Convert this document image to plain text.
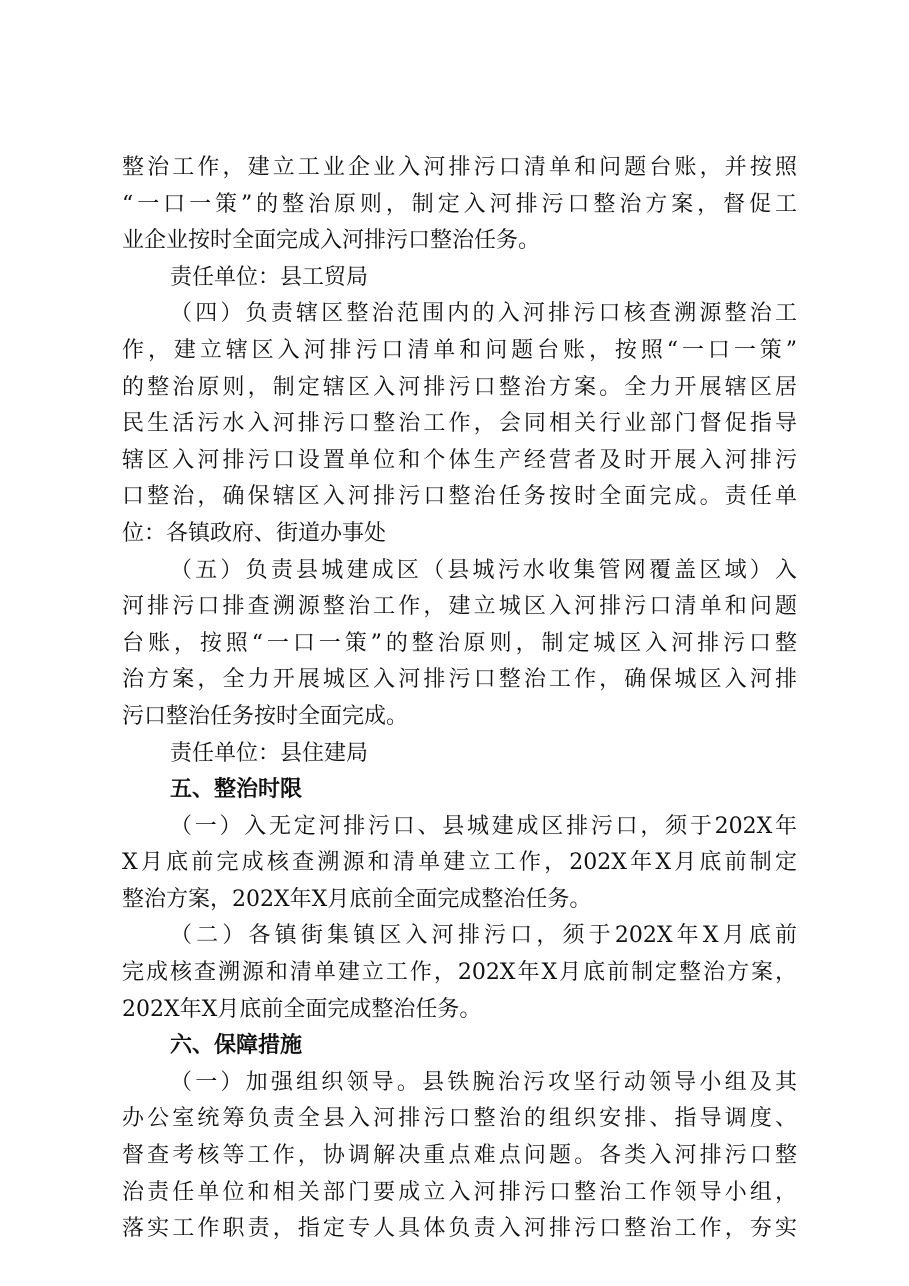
整治工作，建立工业企业入河排污口清单和问题台账，并按照
“一口一策”的整治原则，制定入河排污口整治方案，督促工
业企业按时全面完成入河排污口整治任务。
责任单位：县工贸局
（四）负责辖区整治范围内的入河排污口核查溯源整治工
作，建立辖区入河排污口清单和问题台账，按照“一口一策”
的整治原则，制定辖区入河排污口整治方案。全力开展辖区居
民生活污水入河排污口整治工作，会同相关行业部门督促指导
辖区入河排污口设置单位和个体生产经营者及时开展入河排污
口整治，确保辖区入河排污口整治任务按时全面完成。责任单
位：各镇政府、街道办事处
（五）负责县城建成区（县城污水收集管网覆盖区域）入
河排污口排查溯源整治工作，建立城区入河排污口清单和问题
台账，按照“一口一策”的整治原则，制定城区入河排污口整
治方案，全力开展城区入河排污口整治工作，确保城区入河排
污口整治任务按时全面完成。
责任单位：县住建局
五、整治时限
（一）入无定河排污口、县城建成区排污口，须于202X年
X月底前完成核查溯源和清单建立工作，202X年X月底前制定
整治方案，202X年X月底前全面完成整治任务。
（二）各镇街集镇区入河排污口，须于202X年X月底前
完成核查溯源和清单建立工作，202X年X月底前制定整治方案，
202X年X月底前全面完成整治任务。
六、保障措施
（一）加强组织领导。县铁腕治污攻坚行动领导小组及其
办公室统筹负责全县入河排污口整治的组织安排、指导调度、
督查考核等工作，协调解决重点难点问题。各类入河排污口整
治责任单位和相关部门要成立入河排污口整治工作领导小组，
落实工作职责，指定专人具体负责入河排污口整治工作，夯实
